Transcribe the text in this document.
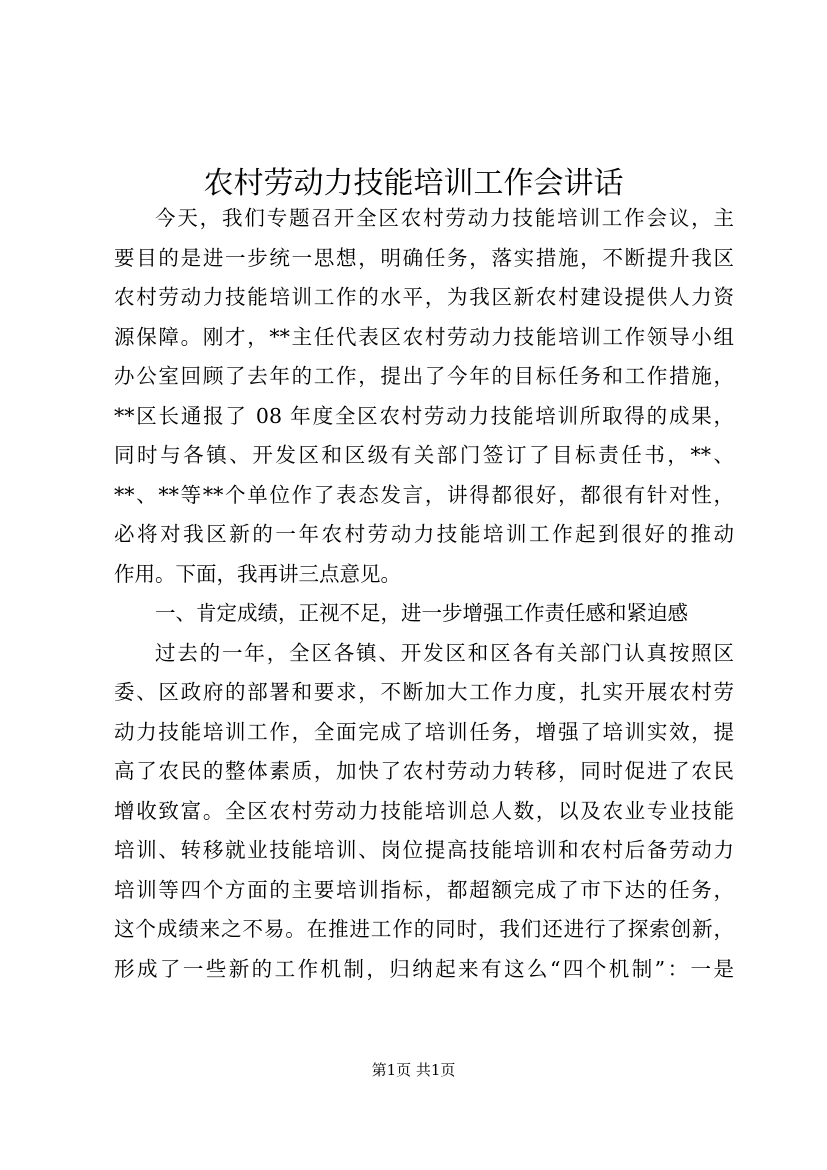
农村劳动力技能培训工作会讲话
今天，我们专题召开全区农村劳动力技能培训工作会议，主
要目的是进一步统一思想，明确任务，落实措施，不断提升我区
农村劳动力技能培训工作的水平，为我区新农村建设提供人力资
源保障。刚才，**主任代表区农村劳动力技能培训工作领导小组
办公室回顾了去年的工作，提出了今年的目标任务和工作措施，
**区长通报了 08 年度全区农村劳动力技能培训所取得的成果，
同时与各镇、开发区和区级有关部门签订了目标责任书，**、
**、**等**个单位作了表态发言，讲得都很好，都很有针对性，
必将对我区新的一年农村劳动力技能培训工作起到很好的推动
作用。下面，我再讲三点意见。
一、肯定成绩，正视不足，进一步增强工作责任感和紧迫感
过去的一年，全区各镇、开发区和区各有关部门认真按照区
委、区政府的部署和要求，不断加大工作力度，扎实开展农村劳
动力技能培训工作，全面完成了培训任务，增强了培训实效，提
高了农民的整体素质，加快了农村劳动力转移，同时促进了农民
增收致富。全区农村劳动力技能培训总人数，以及农业专业技能
培训、转移就业技能培训、岗位提高技能培训和农村后备劳动力
培训等四个方面的主要培训指标，都超额完成了市下达的任务，
这个成绩来之不易。在推进工作的同时，我们还进行了探索创新，
形成了一些新的工作机制，归纳起来有这么“四个机制”：一是
第1页 共1页
